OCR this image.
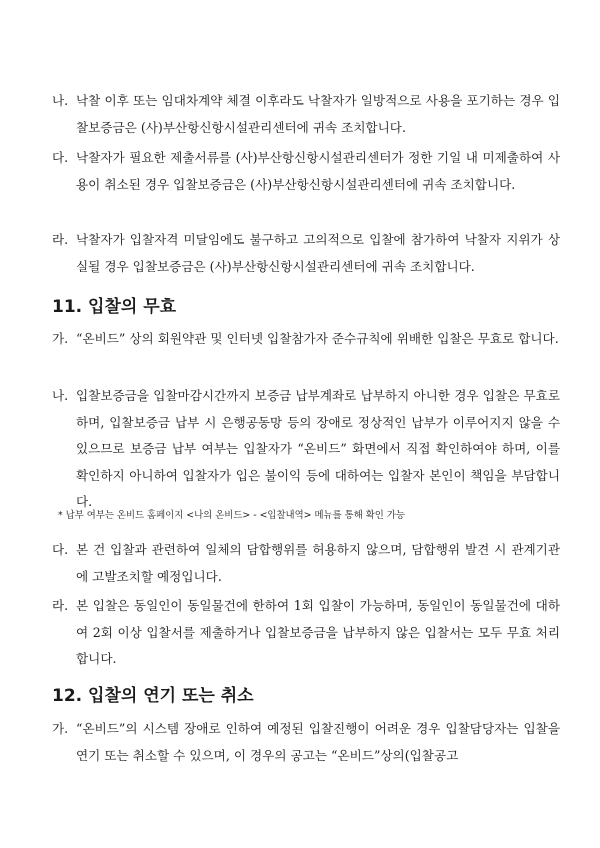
나. 낙찰 이후 또는 임대차계약 체결 이후라도 낙찰자가 일방적으로 사용을 포기하는 경우 입찰보증금은 (사)부산항신항시설관리센터에 귀속 조치합니다.
다. 낙찰자가 필요한 제출서류를 (사)부산항신항시설관리센터가 정한 기일 내 미제출하여 사용이 취소된 경우 입찰보증금은 (사)부산항신항시설관리센터에 귀속 조치합니다.
라. 낙찰자가 입찰자격 미달임에도 불구하고 고의적으로 입찰에 참가하여 낙찰자 지위가 상실될 경우 입찰보증금은 (사)부산항신항시설관리센터에 귀속 조치합니다.
11. 입찰의 무효
가. “온비드” 상의 회원약관 및 인터넷 입찰참가자 준수규칙에 위배한 입찰은 무효로 합니다.
나. 입찰보증금을 입찰마감시간까지 보증금 납부계좌로 납부하지 아니한 경우 입찰은 무효로 하며, 입찰보증금 납부 시 은행공동망 등의 장애로 정상적인 납부가 이루어지지 않을 수 있으므로 보증금 납부 여부는 입찰자가 “온비드” 화면에서 직접 확인하여야 하며, 이를 확인하지 아니하여 입찰자가 입은 불이익 등에 대하여는 입찰자 본인이 책임을 부담합니다.
* 납부 여부는 온비드 홈페이지 <나의 온비드> - <입찰내역> 메뉴를 통해 확인 가능
다. 본 건 입찰과 관련하여 일체의 담합행위를 허용하지 않으며, 담합행위 발견 시 관계기관에 고발조치할 예정입니다.
라. 본 입찰은 동일인이 동일물건에 한하여 1회 입찰이 가능하며, 동일인이 동일물건에 대하여 2회 이상 입찰서를 제출하거나 입찰보증금을 납부하지 않은 입찰서는 모두 무효 처리합니다.
12. 입찰의 연기 또는 취소
가. “온비드”의 시스템 장애로 인하여 예정된 입찰진행이 어려운 경우 입찰담당자는 입찰을 연기 또는 취소할 수 있으며, 이 경우의 공고는 “온비드”상의(입찰공고
